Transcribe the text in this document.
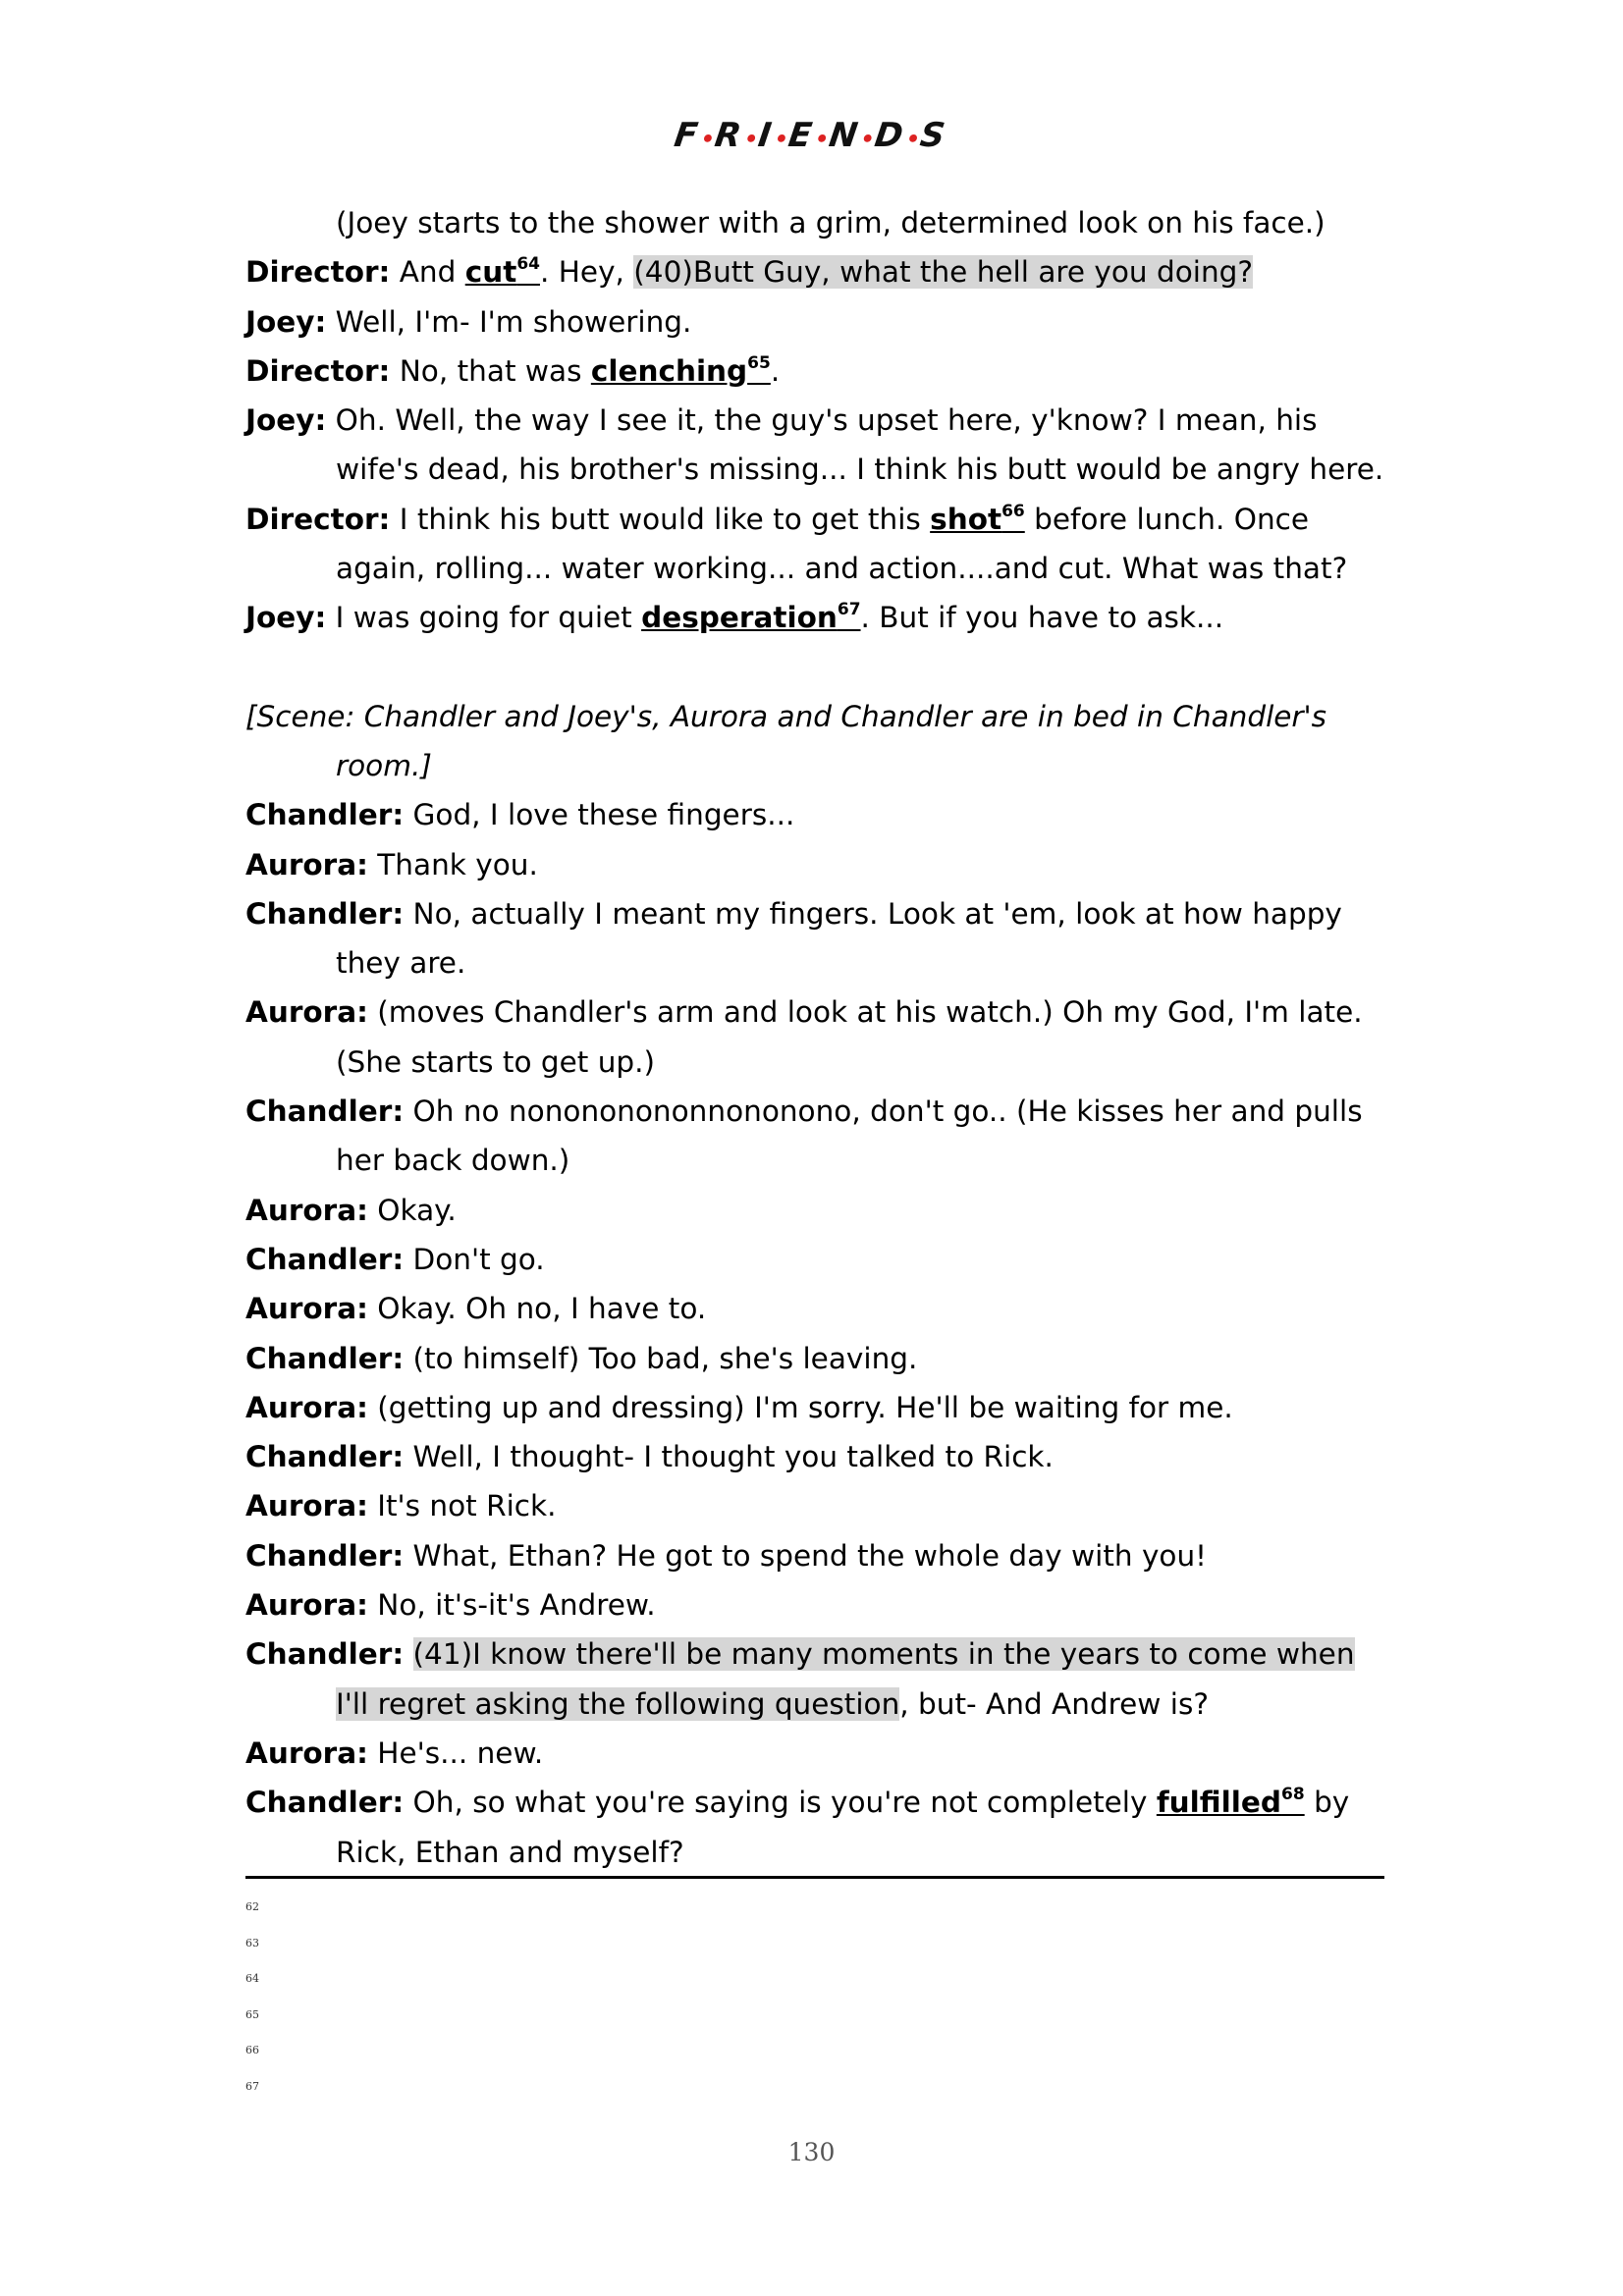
F•R•I•E•N•D•S

(Joey starts to the shower with a grim, determined look on his face.)

Director: And cut$^{64}$. Hey, (40)Butt Guy, what the hell are you doing?

Joey: Well, I'm- I'm showering.

Director: No, that was clenching$^{65}$.

Joey: Oh. Well, the way I see it, the guy's upset here, y'know? I mean, his wife's dead, his brother's missing... I think his butt would be angry here.

Director: I think his butt would like to get this shot$^{66}$ before lunch. Once again, rolling... water working... and action....and cut. What was that?

Joey: I was going for quiet desperation$^{67}$. But if you have to ask...

[Scene: Chandler and Joey's, Aurora and Chandler are in bed in Chandler's room.]

Chandler: God, I love these fingers...

Aurora: Thank you.

Chandler: No, actually I meant my fingers. Look at 'em, look at how happy they are.

Aurora: (moves Chandler's arm and look at his watch.) Oh my God, I'm late. (She starts to get up.)

Chandler: Oh no nonononononnononono, don't go.. (He kisses her and pulls her back down.)

Aurora: Okay.

Chandler: Don't go.

Aurora: Okay. Oh no, I have to.

Chandler: (to himself) Too bad, she's leaving.

Aurora: (getting up and dressing) I'm sorry. He'll be waiting for me.

Chandler: Well, I thought- I thought you talked to Rick.

Aurora: It's not Rick.

Chandler: What, Ethan? He got to spend the whole day with you!

Aurora: No, it's-it's Andrew.

Chandler: (41)I know there'll be many moments in the years to come when I'll regret asking the following question, but- And Andrew is?

Aurora: He's... new.

Chandler: Oh, so what you're saying is you're not completely fulfilled$^{68}$ by Rick, Ethan and myself?

62
63
64
65
66
67
130
